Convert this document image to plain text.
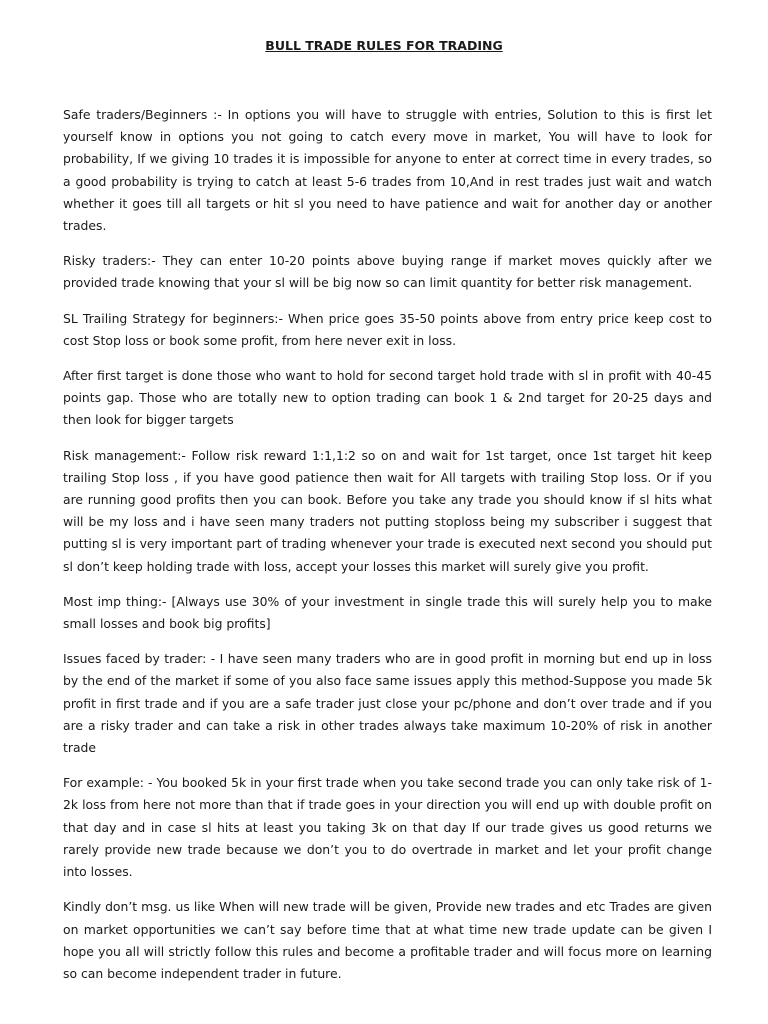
BULL TRADE RULES FOR TRADING

Safe traders/Beginners :- In options you will have to struggle with entries, Solution to this is first let yourself know in options you not going to catch every move in market, You will have to look for probability, If we giving 10 trades it is impossible for anyone to enter at correct time in every trades, so a good probability is trying to catch at least 5-6 trades from 10,And in rest trades just wait and watch whether it goes till all targets or hit sl you need to have patience and wait for another day or another trades.

Risky traders:- They can enter 10-20 points above buying range if market moves quickly after we provided trade knowing that your sl will be big now so can limit quantity for better risk management.

SL Trailing Strategy for beginners:- When price goes 35-50 points above from entry price keep cost to cost Stop loss or book some profit, from here never exit in loss.

After first target is done those who want to hold for second target hold trade with sl in profit with 40-45 points gap. Those who are totally new to option trading can book 1 & 2nd target for 20-25 days and then look for bigger targets

Risk management:- Follow risk reward 1:1,1:2 so on and wait for 1st target, once 1st target hit keep trailing Stop loss , if you have good patience then wait for All targets with trailing Stop loss. Or if you are running good profits then you can book. Before you take any trade you should know if sl hits what will be my loss and i have seen many traders not putting stoploss being my subscriber i suggest that putting sl is very important part of trading whenever your trade is executed next second you should put sl don’t keep holding trade with loss, accept your losses this market will surely give you profit.

Most imp thing:- [Always use 30% of your investment in single trade this will surely help you to make small losses and book big profits]

Issues faced by trader: - I have seen many traders who are in good profit in morning but end up in loss by the end of the market if some of you also face same issues apply this method-Suppose you made 5k profit in first trade and if you are a safe trader just close your pc/phone and don’t over trade and if you are a risky trader and can take a risk in other trades always take maximum 10-20% of risk in another trade

For example: - You booked 5k in your first trade when you take second trade you can only take risk of 1-2k loss from here not more than that if trade goes in your direction you will end up with double profit on that day and in case sl hits at least you taking 3k on that day If our trade gives us good returns we rarely provide new trade because we don’t you to do overtrade in market and let your profit change into losses.

Kindly don’t msg. us like When will new trade will be given, Provide new trades and etc Trades are given on market opportunities we can’t say before time that at what time new trade update can be given I hope you all will strictly follow this rules and become a profitable trader and will focus more on learning so can become independent trader in future.
